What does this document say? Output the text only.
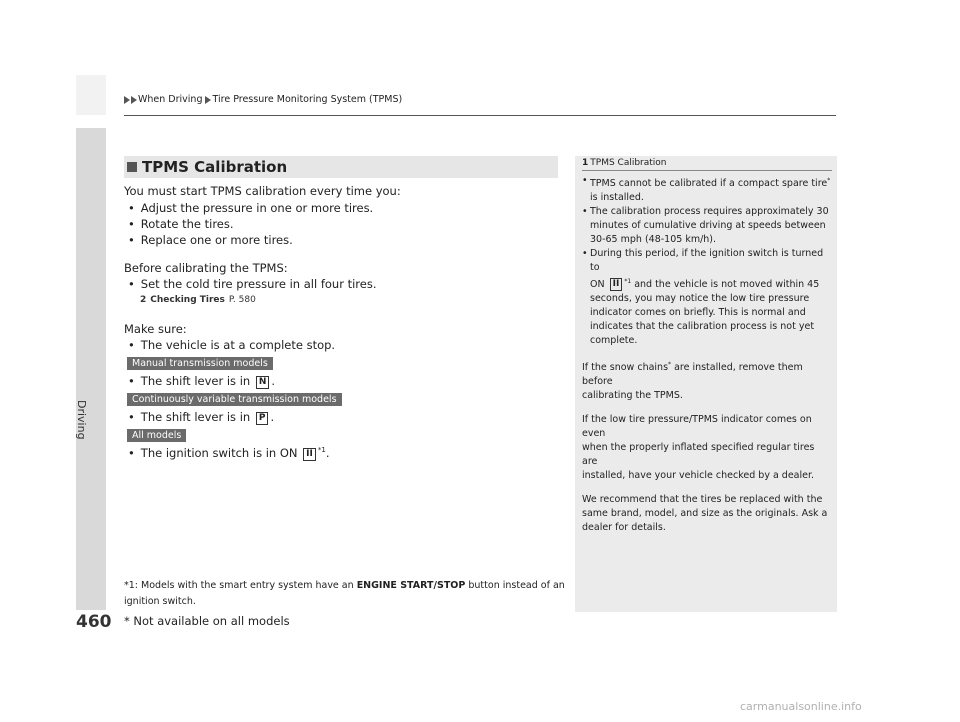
When Driving Tire Pressure Monitoring System (TPMS)
Driving
460
TPMS Calibration
You must start TPMS calibration every time you:
• Adjust the pressure in one or more tires.
• Rotate the tires.
• Replace one or more tires.
Before calibrating the TPMS:
• Set the cold tire pressure in all four tires.
2 Checking Tires P. 580
Make sure:
• The vehicle is at a complete stop.
Manual transmission models
• The shift lever is in N .
Continuously variable transmission models
• The shift lever is in P .
All models
• The ignition switch is in ON II $^{*1}$.
*1: Models with the smart entry system have an ENGINE START/STOP button instead of an
ignition switch.
1 TPMS Calibration
• TPMS cannot be calibrated if a compact spare tire*
is installed.
• The calibration process requires approximately 30
minutes of cumulative driving at speeds between
30-65 mph (48-105 km/h).
• During this period, if the ignition switch is turned to
ON II $^{*1}$ and the vehicle is not moved within 45
seconds, you may notice the low tire pressure
indicator comes on briefly. This is normal and
indicates that the calibration process is not yet
complete.
If the snow chains* are installed, remove them before
calibrating the TPMS.
If the low tire pressure/TPMS indicator comes on even
when the properly inflated specified regular tires are
installed, have your vehicle checked by a dealer.
We recommend that the tires be replaced with the
same brand, model, and size as the originals. Ask a
dealer for details.
* Not available on all models
carmanualsonline.info
